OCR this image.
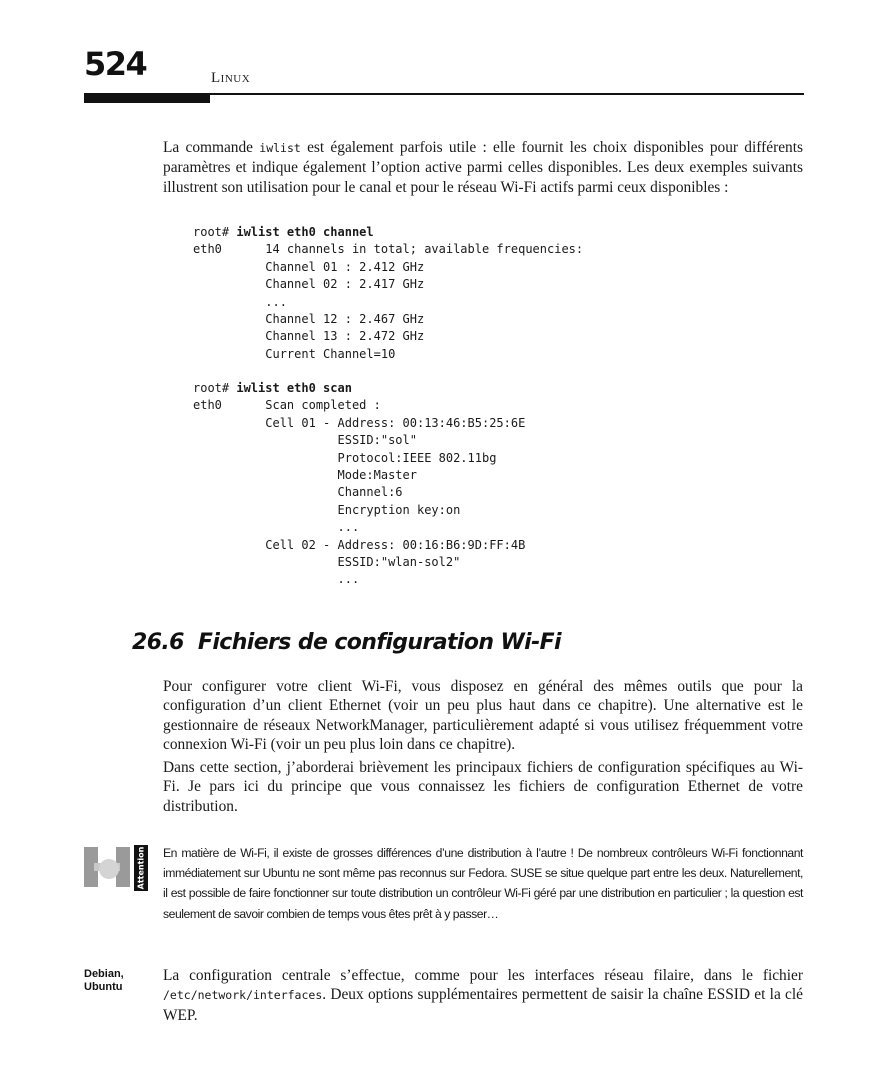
524	Linux

La commande iwlist est également parfois utile : elle fournit les choix disponibles pour différents paramètres et indique également l’option active parmi celles disponibles. Les deux exemples suivants illustrent son utilisation pour le canal et pour le réseau Wi-Fi actifs parmi ceux disponibles :

root# iwlist eth0 channel
eth0      14 channels in total; available frequencies:
Channel 01 : 2.412 GHz
Channel 02 : 2.417 GHz
...
Channel 12 : 2.467 GHz
Channel 13 : 2.472 GHz
Current Channel=10
root# iwlist eth0 scan
eth0      Scan completed :
Cell 01 - Address: 00:13:46:B5:25:6E
ESSID:"sol"
Protocol:IEEE 802.11bg
Mode:Master
Channel:6
Encryption key:on
...
Cell 02 - Address: 00:16:B6:9D:FF:4B
ESSID:"wlan-sol2"
...
26.6 Fichiers de configuration Wi-Fi

Pour configurer votre client Wi-Fi, vous disposez en général des mêmes outils que pour la configuration d’un client Ethernet (voir un peu plus haut dans ce chapitre). Une alternative est le gestionnaire de réseaux NetworkManager, particulièrement adapté si vous utilisez fréquemment votre connexion Wi-Fi (voir un peu plus loin dans ce chapitre).

Dans cette section, j’aborderai brièvement les principaux fichiers de configuration spécifiques au Wi-Fi. Je pars ici du principe que vous connaissez les fichiers de configuration Ethernet de votre distribution.

Attention En matière de Wi-Fi, il existe de grosses différences d’une distribution à l’autre ! De nombreux contrôleurs Wi-Fi fonctionnant immédiatement sur Ubuntu ne sont même pas reconnus sur Fedora. SUSE se situe quelque part entre les deux. Naturellement, il est possible de faire fonctionner sur toute distribution un contrôleur Wi-Fi géré par une distribution en particulier ; la question est seulement de savoir combien de temps vous êtes prêt à y passer…

Debian,
Ubuntu

La configuration centrale s’effectue, comme pour les interfaces réseau filaire, dans le fichier /etc/network/interfaces. Deux options supplémentaires permettent de saisir la chaîne ESSID et la clé WEP.
